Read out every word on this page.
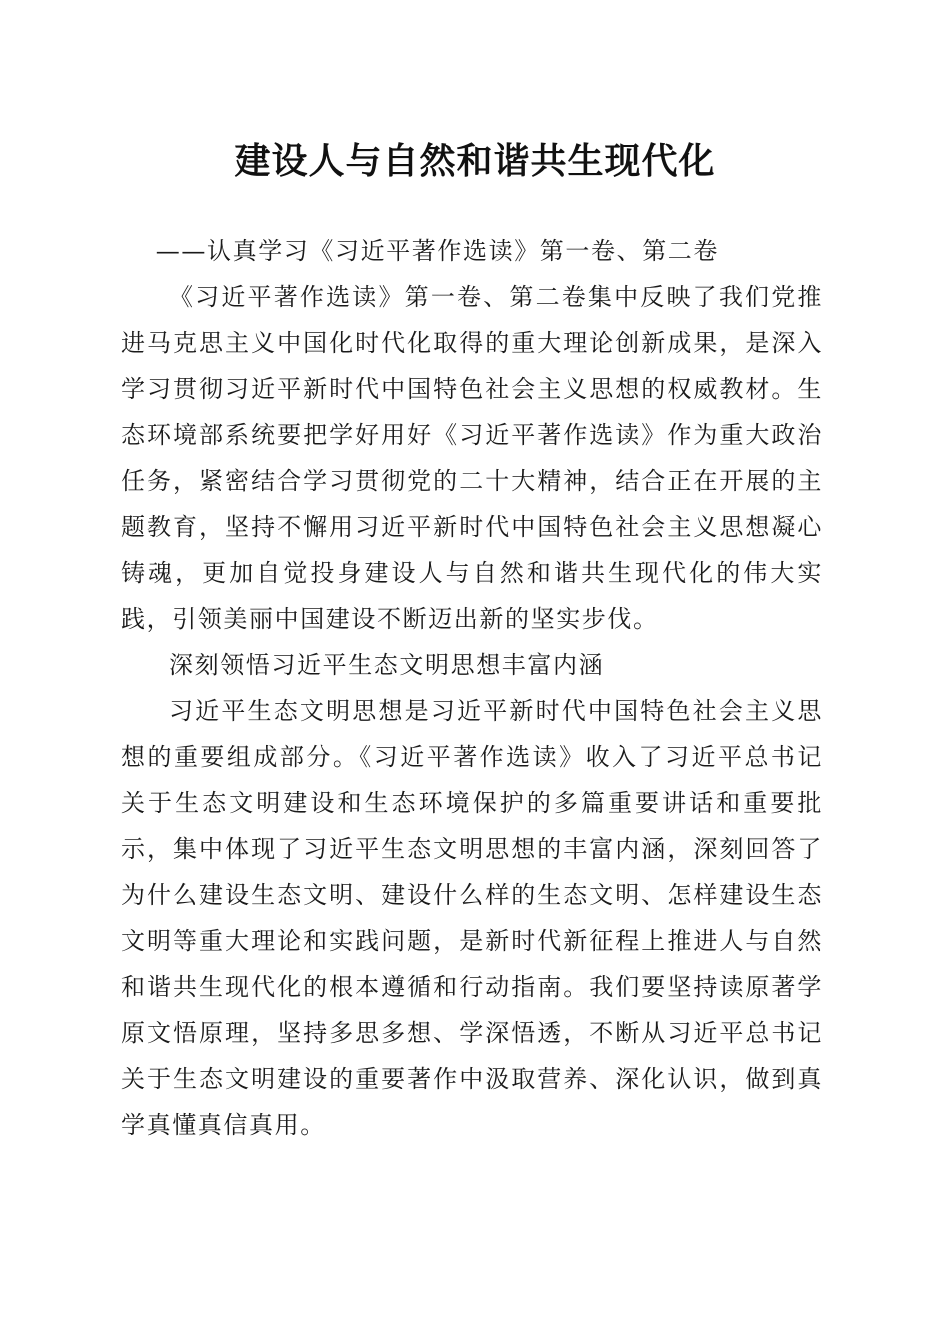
建设人与自然和谐共生现代化

——认真学习《习近平著作选读》第一卷、第二卷

《习近平著作选读》第一卷、第二卷集中反映了我们党推进马克思主义中国化时代化取得的重大理论创新成果，是深入学习贯彻习近平新时代中国特色社会主义思想的权威教材。生态环境部系统要把学好用好《习近平著作选读》作为重大政治任务，紧密结合学习贯彻党的二十大精神，结合正在开展的主题教育，坚持不懈用习近平新时代中国特色社会主义思想凝心铸魂，更加自觉投身建设人与自然和谐共生现代化的伟大实践，引领美丽中国建设不断迈出新的坚实步伐。

深刻领悟习近平生态文明思想丰富内涵

习近平生态文明思想是习近平新时代中国特色社会主义思想的重要组成部分。《习近平著作选读》收入了习近平总书记关于生态文明建设和生态环境保护的多篇重要讲话和重要批示，集中体现了习近平生态文明思想的丰富内涵，深刻回答了为什么建设生态文明、建设什么样的生态文明、怎样建设生态文明等重大理论和实践问题，是新时代新征程上推进人与自然和谐共生现代化的根本遵循和行动指南。我们要坚持读原著学原文悟原理，坚持多思多想、学深悟透，不断从习近平总书记关于生态文明建设的重要著作中汲取营养、深化认识，做到真学真懂真信真用。
